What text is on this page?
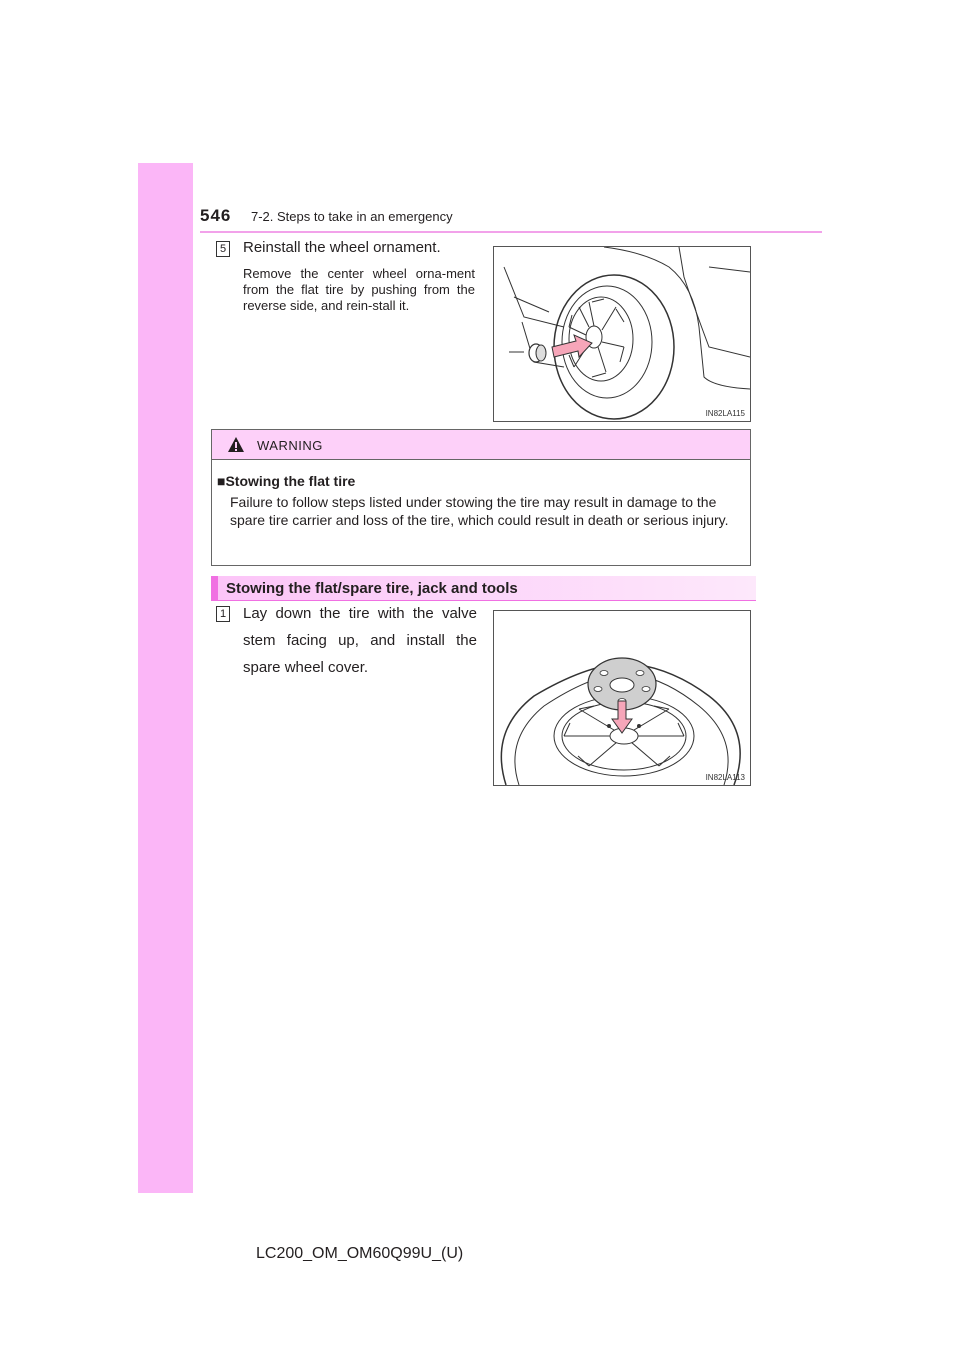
546 7-2. Steps to take in an emergency
5 Reinstall the wheel ornament.
Remove the center wheel orna-ment from the flat tire by pushing from the reverse side, and rein-stall it.
IN82LA115
WARNING
■Stowing the flat tire
Failure to follow steps listed under stowing the tire may result in damage to the spare tire carrier and loss of the tire, which could result in death or serious injury.
Stowing the flat/spare tire, jack and tools
1 Lay down the tire with the valve stem facing up, and install the spare wheel cover.
IN82LA113
LC200_OM_OM60Q99U_(U)
